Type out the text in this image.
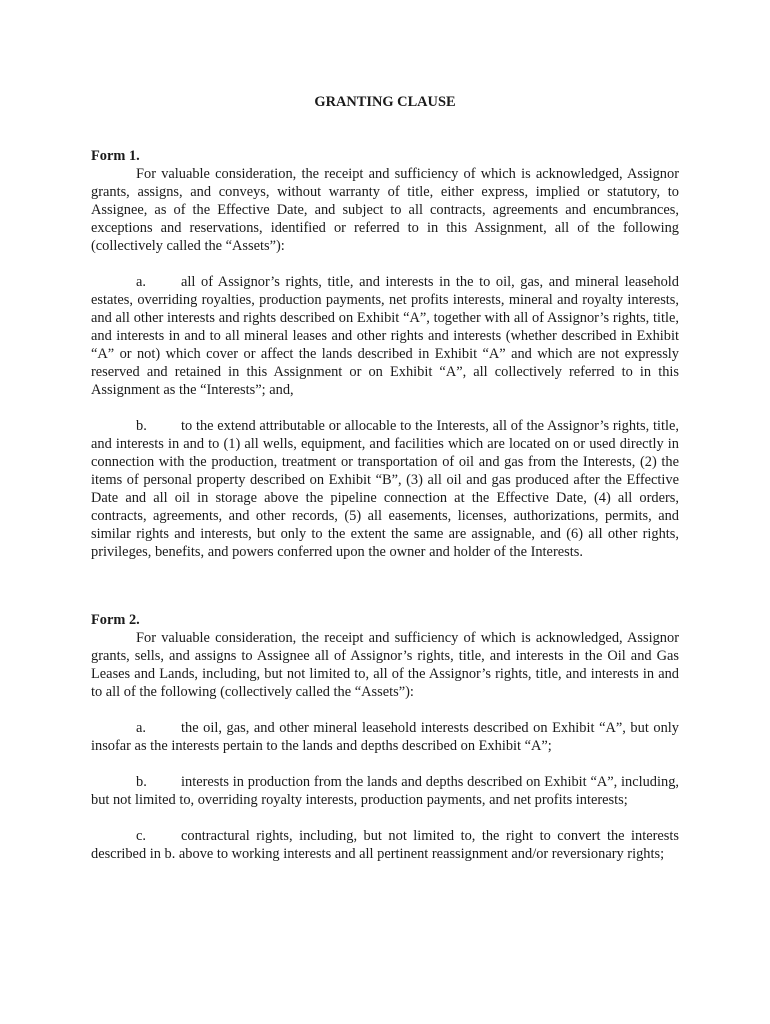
GRANTING CLAUSE

Form 1.

For valuable consideration, the receipt and sufficiency of which is acknowledged, Assignor grants, assigns, and conveys, without warranty of title, either express, implied or statutory, to Assignee, as of the Effective Date, and subject to all contracts, agreements and encumbrances, exceptions and reservations, identified or referred to in this Assignment, all of the following (collectively called the “Assets”):

a. all of Assignor’s rights, title, and interests in the to oil, gas, and mineral leasehold estates, overriding royalties, production payments, net profits interests, mineral and royalty interests, and all other interests and rights described on Exhibit “A”, together with all of Assignor’s rights, title, and interests in and to all mineral leases and other rights and interests (whether described in Exhibit “A” or not) which cover or affect the lands described in Exhibit “A” and which are not expressly reserved and retained in this Assignment or on Exhibit “A”, all collectively referred to in this Assignment as the “Interests”; and,

b. to the extend attributable or allocable to the Interests, all of the Assignor’s rights, title, and interests in and to (1) all wells, equipment, and facilities which are located on or used directly in connection with the production, treatment or transportation of oil and gas from the Interests, (2) the items of personal property described on Exhibit “B”, (3) all oil and gas produced after the Effective Date and all oil in storage above the pipeline connection at the Effective Date, (4) all orders, contracts, agreements, and other records, (5) all easements, licenses, authorizations, permits, and similar rights and interests, but only to the extent the same are assignable, and (6) all other rights, privileges, benefits, and powers conferred upon the owner and holder of the Interests.

Form 2.

For valuable consideration, the receipt and sufficiency of which is acknowledged, Assignor grants, sells, and assigns to Assignee all of Assignor’s rights, title, and interests in the Oil and Gas Leases and Lands, including, but not limited to, all of the Assignor’s rights, title, and interests in and to all of the following (collectively called the “Assets”):

a. the oil, gas, and other mineral leasehold interests described on Exhibit “A”, but only insofar as the interests pertain to the lands and depths described on Exhibit “A”;

b. interests in production from the lands and depths described on Exhibit “A”, including, but not limited to, overriding royalty interests, production payments, and net profits interests;

c. contractural rights, including, but not limited to, the right to convert the interests described in b. above to working interests and all pertinent reassignment and/or reversionary rights;
